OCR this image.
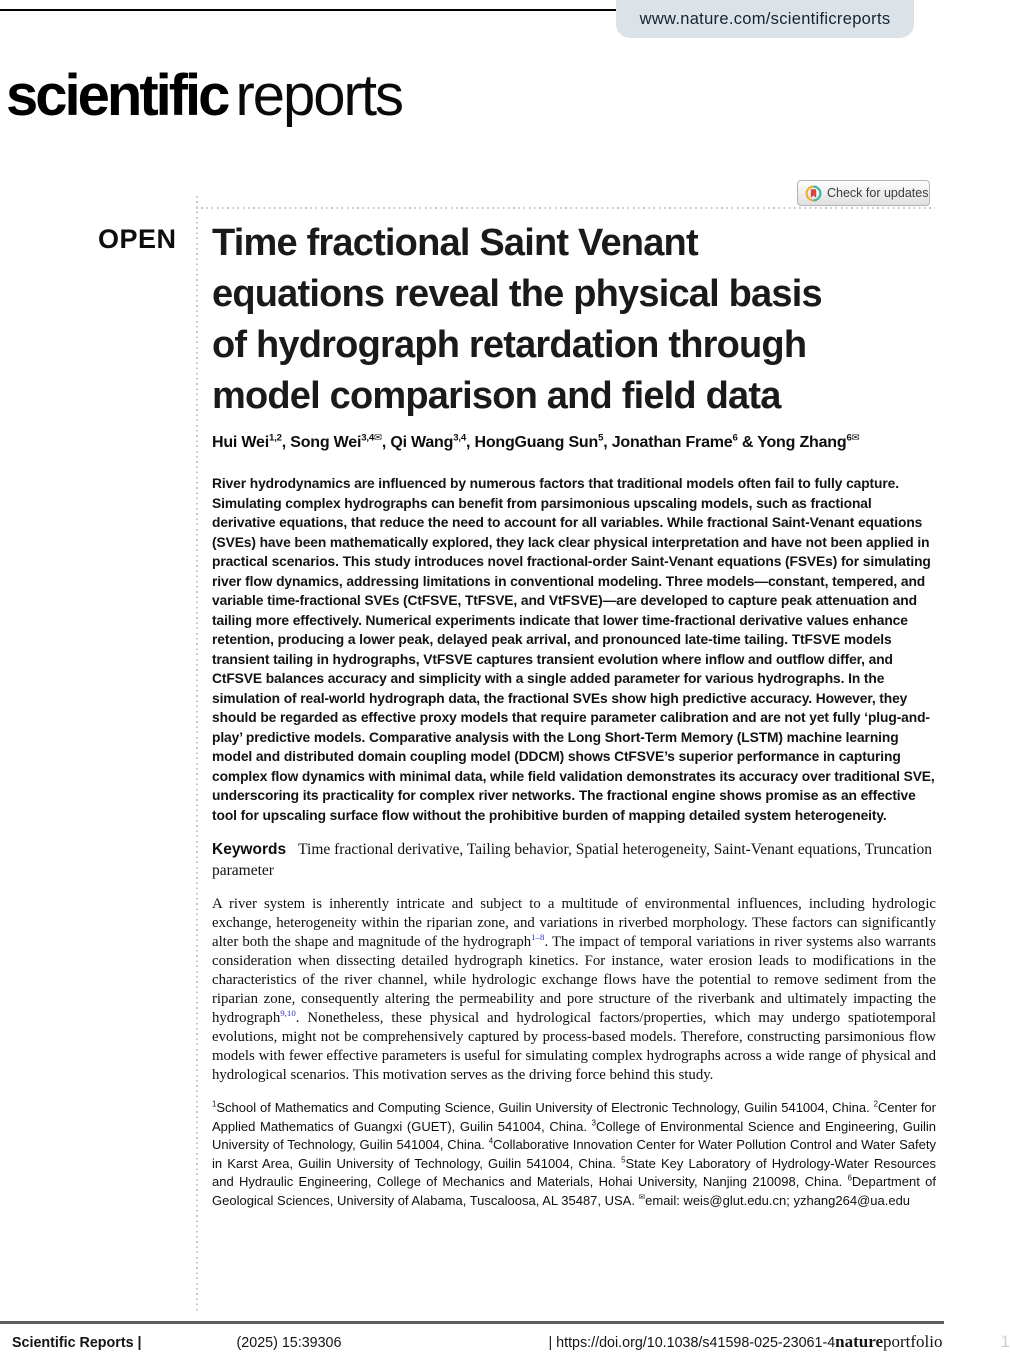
www.nature.com/scientificreports
scientific reports
Check for updates
OPEN Time fractional Saint Venant
equations reveal the physical basis
of hydrograph retardation through
model comparison and field data
Hui Wei$^{1,2}$, Song Wei$^{3,4✉}$, Qi Wang$^{3,4}$, HongGuang Sun$^5$, Jonathan Frame$^6$ & Yong Zhang$^{6✉}$
River hydrodynamics are influenced by numerous factors that traditional models often fail to fully capture. Simulating complex hydrographs can benefit from parsimonious upscaling models, such as fractional derivative equations, that reduce the need to account for all variables. While fractional Saint-Venant equations (SVEs) have been mathematically explored, they lack clear physical interpretation and have not been applied in practical scenarios. This study introduces novel fractional-order Saint-Venant equations (FSVEs) for simulating river flow dynamics, addressing limitations in conventional modeling. Three models—constant, tempered, and variable time-fractional SVEs (CtFSVE, TtFSVE, and VtFSVE)—are developed to capture peak attenuation and tailing more effectively. Numerical experiments indicate that lower time-fractional derivative values enhance retention, producing a lower peak, delayed peak arrival, and pronounced late-time tailing. TtFSVE models transient tailing in hydrographs, VtFSVE captures transient evolution where inflow and outflow differ, and CtFSVE balances accuracy and simplicity with a single added parameter for various hydrographs. In the simulation of real-world hydrograph data, the fractional SVEs show high predictive accuracy. However, they should be regarded as effective proxy models that require parameter calibration and are not yet fully ‘plug-and-play’ predictive models. Comparative analysis with the Long Short-Term Memory (LSTM) machine learning model and distributed domain coupling model (DDCM) shows CtFSVE’s superior performance in capturing complex flow dynamics with minimal data, while field validation demonstrates its accuracy over traditional SVE, underscoring its practicality for complex river networks. The fractional engine shows promise as an effective tool for upscaling surface flow without the prohibitive burden of mapping detailed system heterogeneity.
Keywords Time fractional derivative, Tailing behavior, Spatial heterogeneity, Saint-Venant equations, Truncation parameter
A river system is inherently intricate and subject to a multitude of environmental influences, including hydrologic exchange, heterogeneity within the riparian zone, and variations in riverbed morphology. These factors can significantly alter both the shape and magnitude of the hydrograph$^{1-8}$. The impact of temporal variations in river systems also warrants consideration when dissecting detailed hydrograph kinetics. For instance, water erosion leads to modifications in the characteristics of the river channel, while hydrologic exchange flows have the potential to remove sediment from the riparian zone, consequently altering the permeability and pore structure of the riverbank and ultimately impacting the hydrograph$^{9,10}$. Nonetheless, these physical and hydrological factors/properties, which may undergo spatiotemporal evolutions, might not be comprehensively captured by process-based models. Therefore, constructing parsimonious flow models with fewer effective parameters is useful for simulating complex hydrographs across a wide range of physical and hydrological scenarios. This motivation serves as the driving force behind this study.
$^1$School of Mathematics and Computing Science, Guilin University of Electronic Technology, Guilin 541004, China. $^2$Center for Applied Mathematics of Guangxi (GUET), Guilin 541004, China. $^3$College of Environmental Science and Engineering, Guilin University of Technology, Guilin 541004, China. $^4$Collaborative Innovation Center for Water Pollution Control and Water Safety in Karst Area, Guilin University of Technology, Guilin 541004, China. $^5$State Key Laboratory of Hydrology-Water Resources and Hydraulic Engineering, College of Mechanics and Materials, Hohai University, Nanjing 210098, China. $^6$Department of Geological Sciences, University of Alabama, Tuscaloosa, AL 35487, USA. ✉email: weis@glut.edu.cn; yzhang264@ua.edu
Scientific Reports |	(2025) 15:39306	| https://doi.org/10.1038/s41598-025-23061-4 natureportfolio	1
